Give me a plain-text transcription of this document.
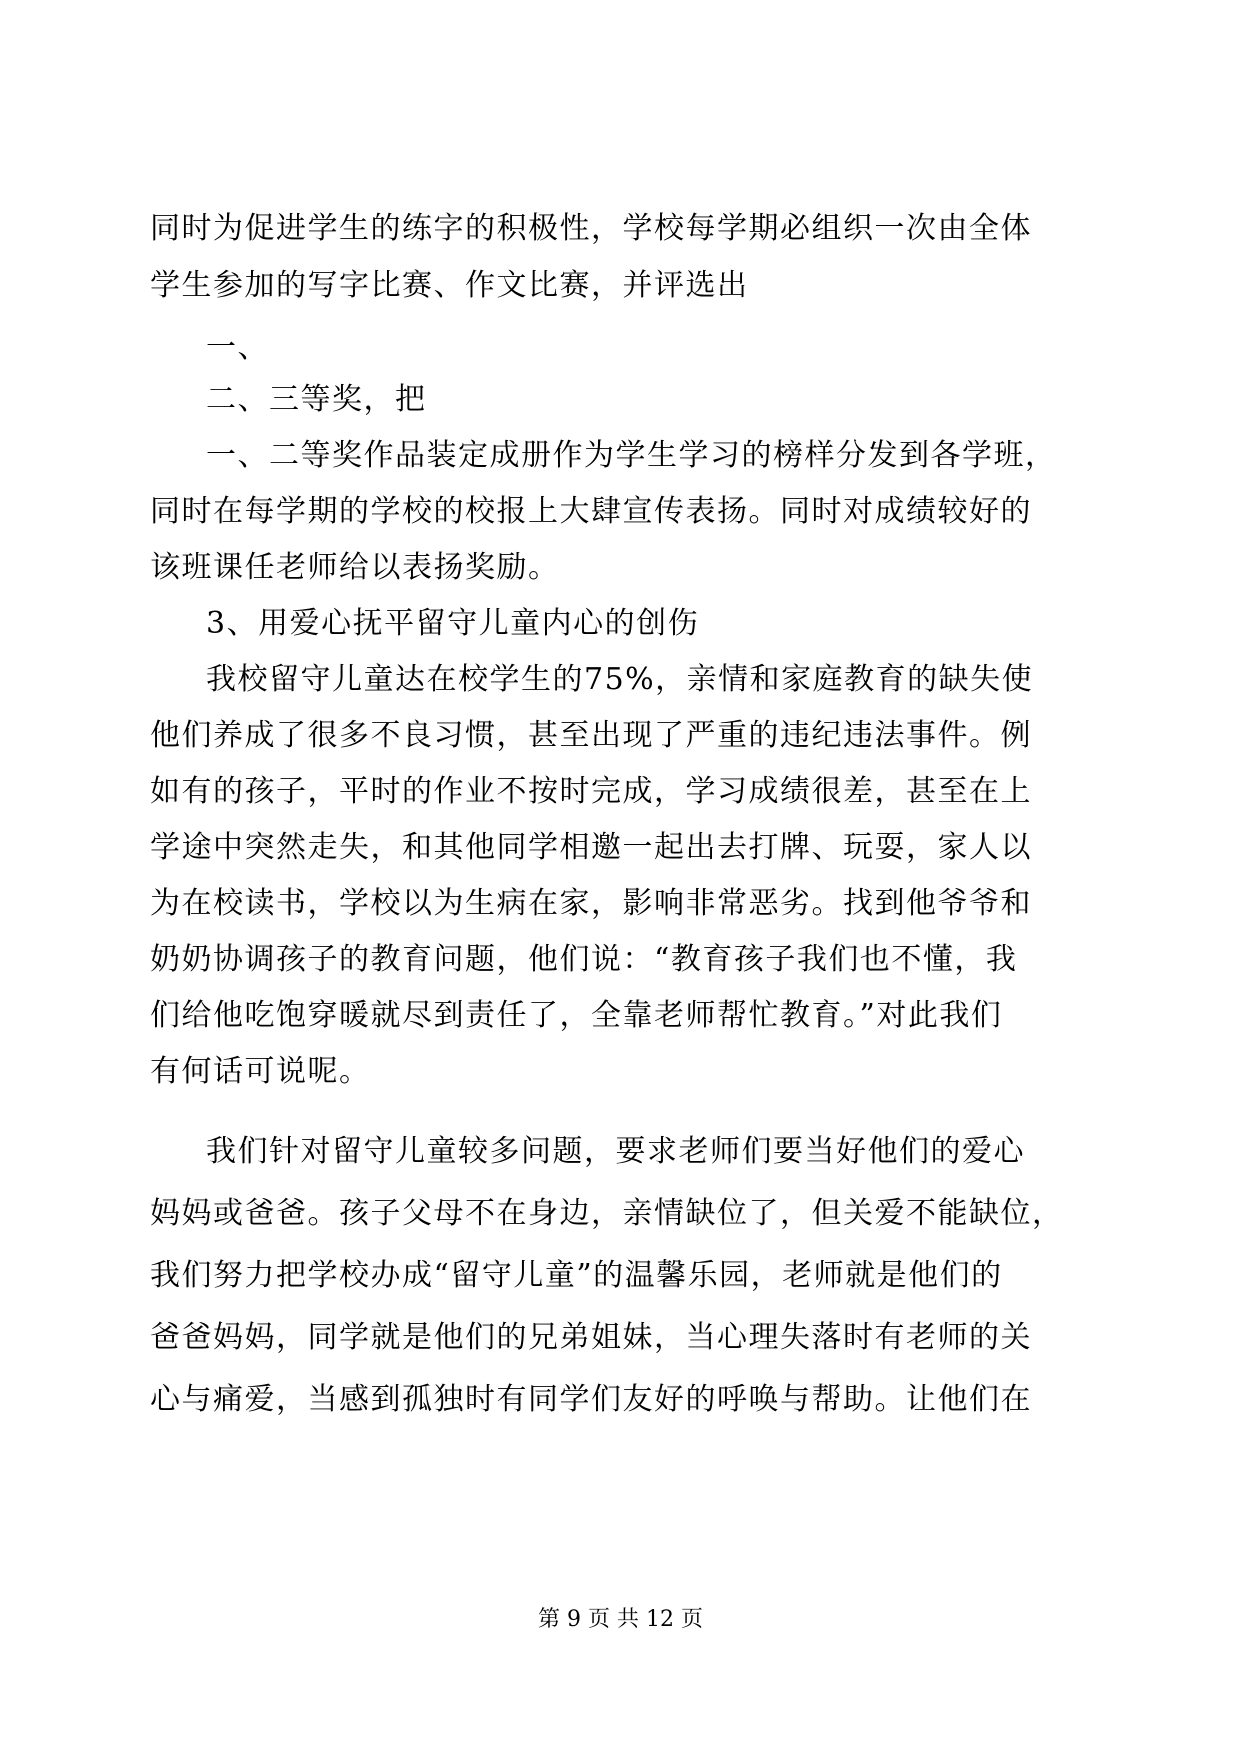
同时为促进学生的练字的积极性，学校每学期必组织一次由全体
学生参加的写字比赛、作文比赛，并评选出
一、
二、三等奖，把
一、二等奖作品装定成册作为学生学习的榜样分发到各学班，
同时在每学期的学校的校报上大肆宣传表扬。同时对成绩较好的
该班课任老师给以表扬奖励。
3、用爱心抚平留守儿童内心的创伤
我校留守儿童达在校学生的75%，亲情和家庭教育的缺失使
他们养成了很多不良习惯，甚至出现了严重的违纪违法事件。例
如有的孩子，平时的作业不按时完成，学习成绩很差，甚至在上
学途中突然走失，和其他同学相邀一起出去打牌、玩耍，家人以
为在校读书，学校以为生病在家，影响非常恶劣。找到他爷爷和
奶奶协调孩子的教育问题，他们说：“教育孩子我们也不懂，我
们给他吃饱穿暖就尽到责任了，全靠老师帮忙教育。”对此我们
有何话可说呢。
我们针对留守儿童较多问题，要求老师们要当好他们的爱心
妈妈或爸爸。孩子父母不在身边，亲情缺位了，但关爱不能缺位，
我们努力把学校办成“留守儿童”的温馨乐园，老师就是他们的
爸爸妈妈，同学就是他们的兄弟姐妹，当心理失落时有老师的关
心与痛爱，当感到孤独时有同学们友好的呼唤与帮助。让他们在
第 9 页 共 12 页
